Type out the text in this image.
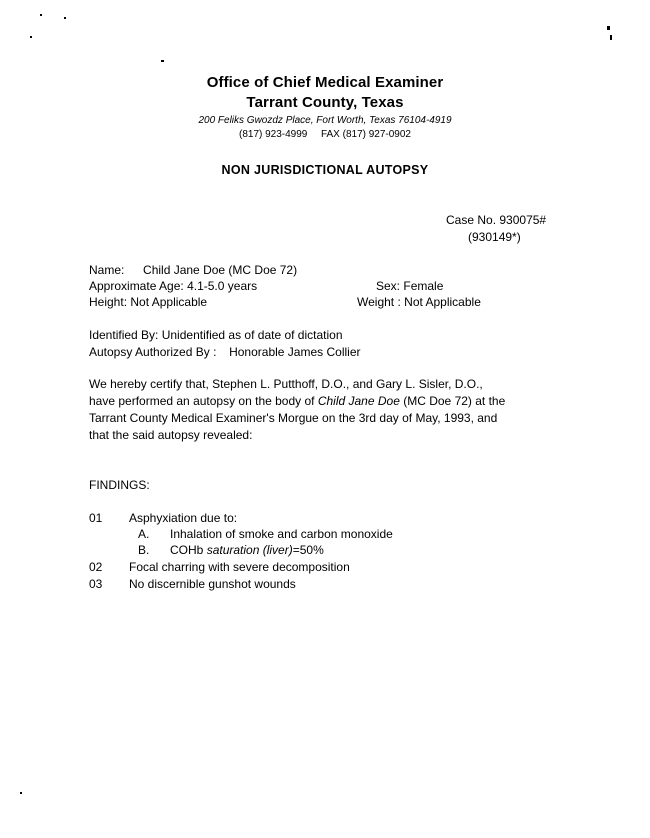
Office of Chief Medical Examiner
Tarrant County, Texas
200 Feliks Gwozdz Place, Fort Worth, Texas 76104-4919
(817) 923-4999 FAX (817) 927-0902
NON JURISDICTIONAL AUTOPSY
Case No. 930075#
(930149*)
Name: Child Jane Doe (MC Doe 72)
Approximate Age: 4.1-5.0 years	Sex: Female
Height: Not Applicable	Weight : Not Applicable
Identified By: Unidentified as of date of dictation
Autopsy Authorized By : Honorable James Collier
We hereby certify that, Stephen L. Putthoff, D.O., and Gary L. Sisler, D.O.,
have performed an autopsy on the body of Child Jane Doe (MC Doe 72) at the
Tarrant County Medical Examiner's Morgue on the 3rd day of May, 1993, and
that the said autopsy revealed:
FINDINGS:
01 Asphyxiation due to:
A. Inhalation of smoke and carbon monoxide
B. COHb saturation (liver)=50%
02 Focal charring with severe decomposition
03 No discernible gunshot wounds
